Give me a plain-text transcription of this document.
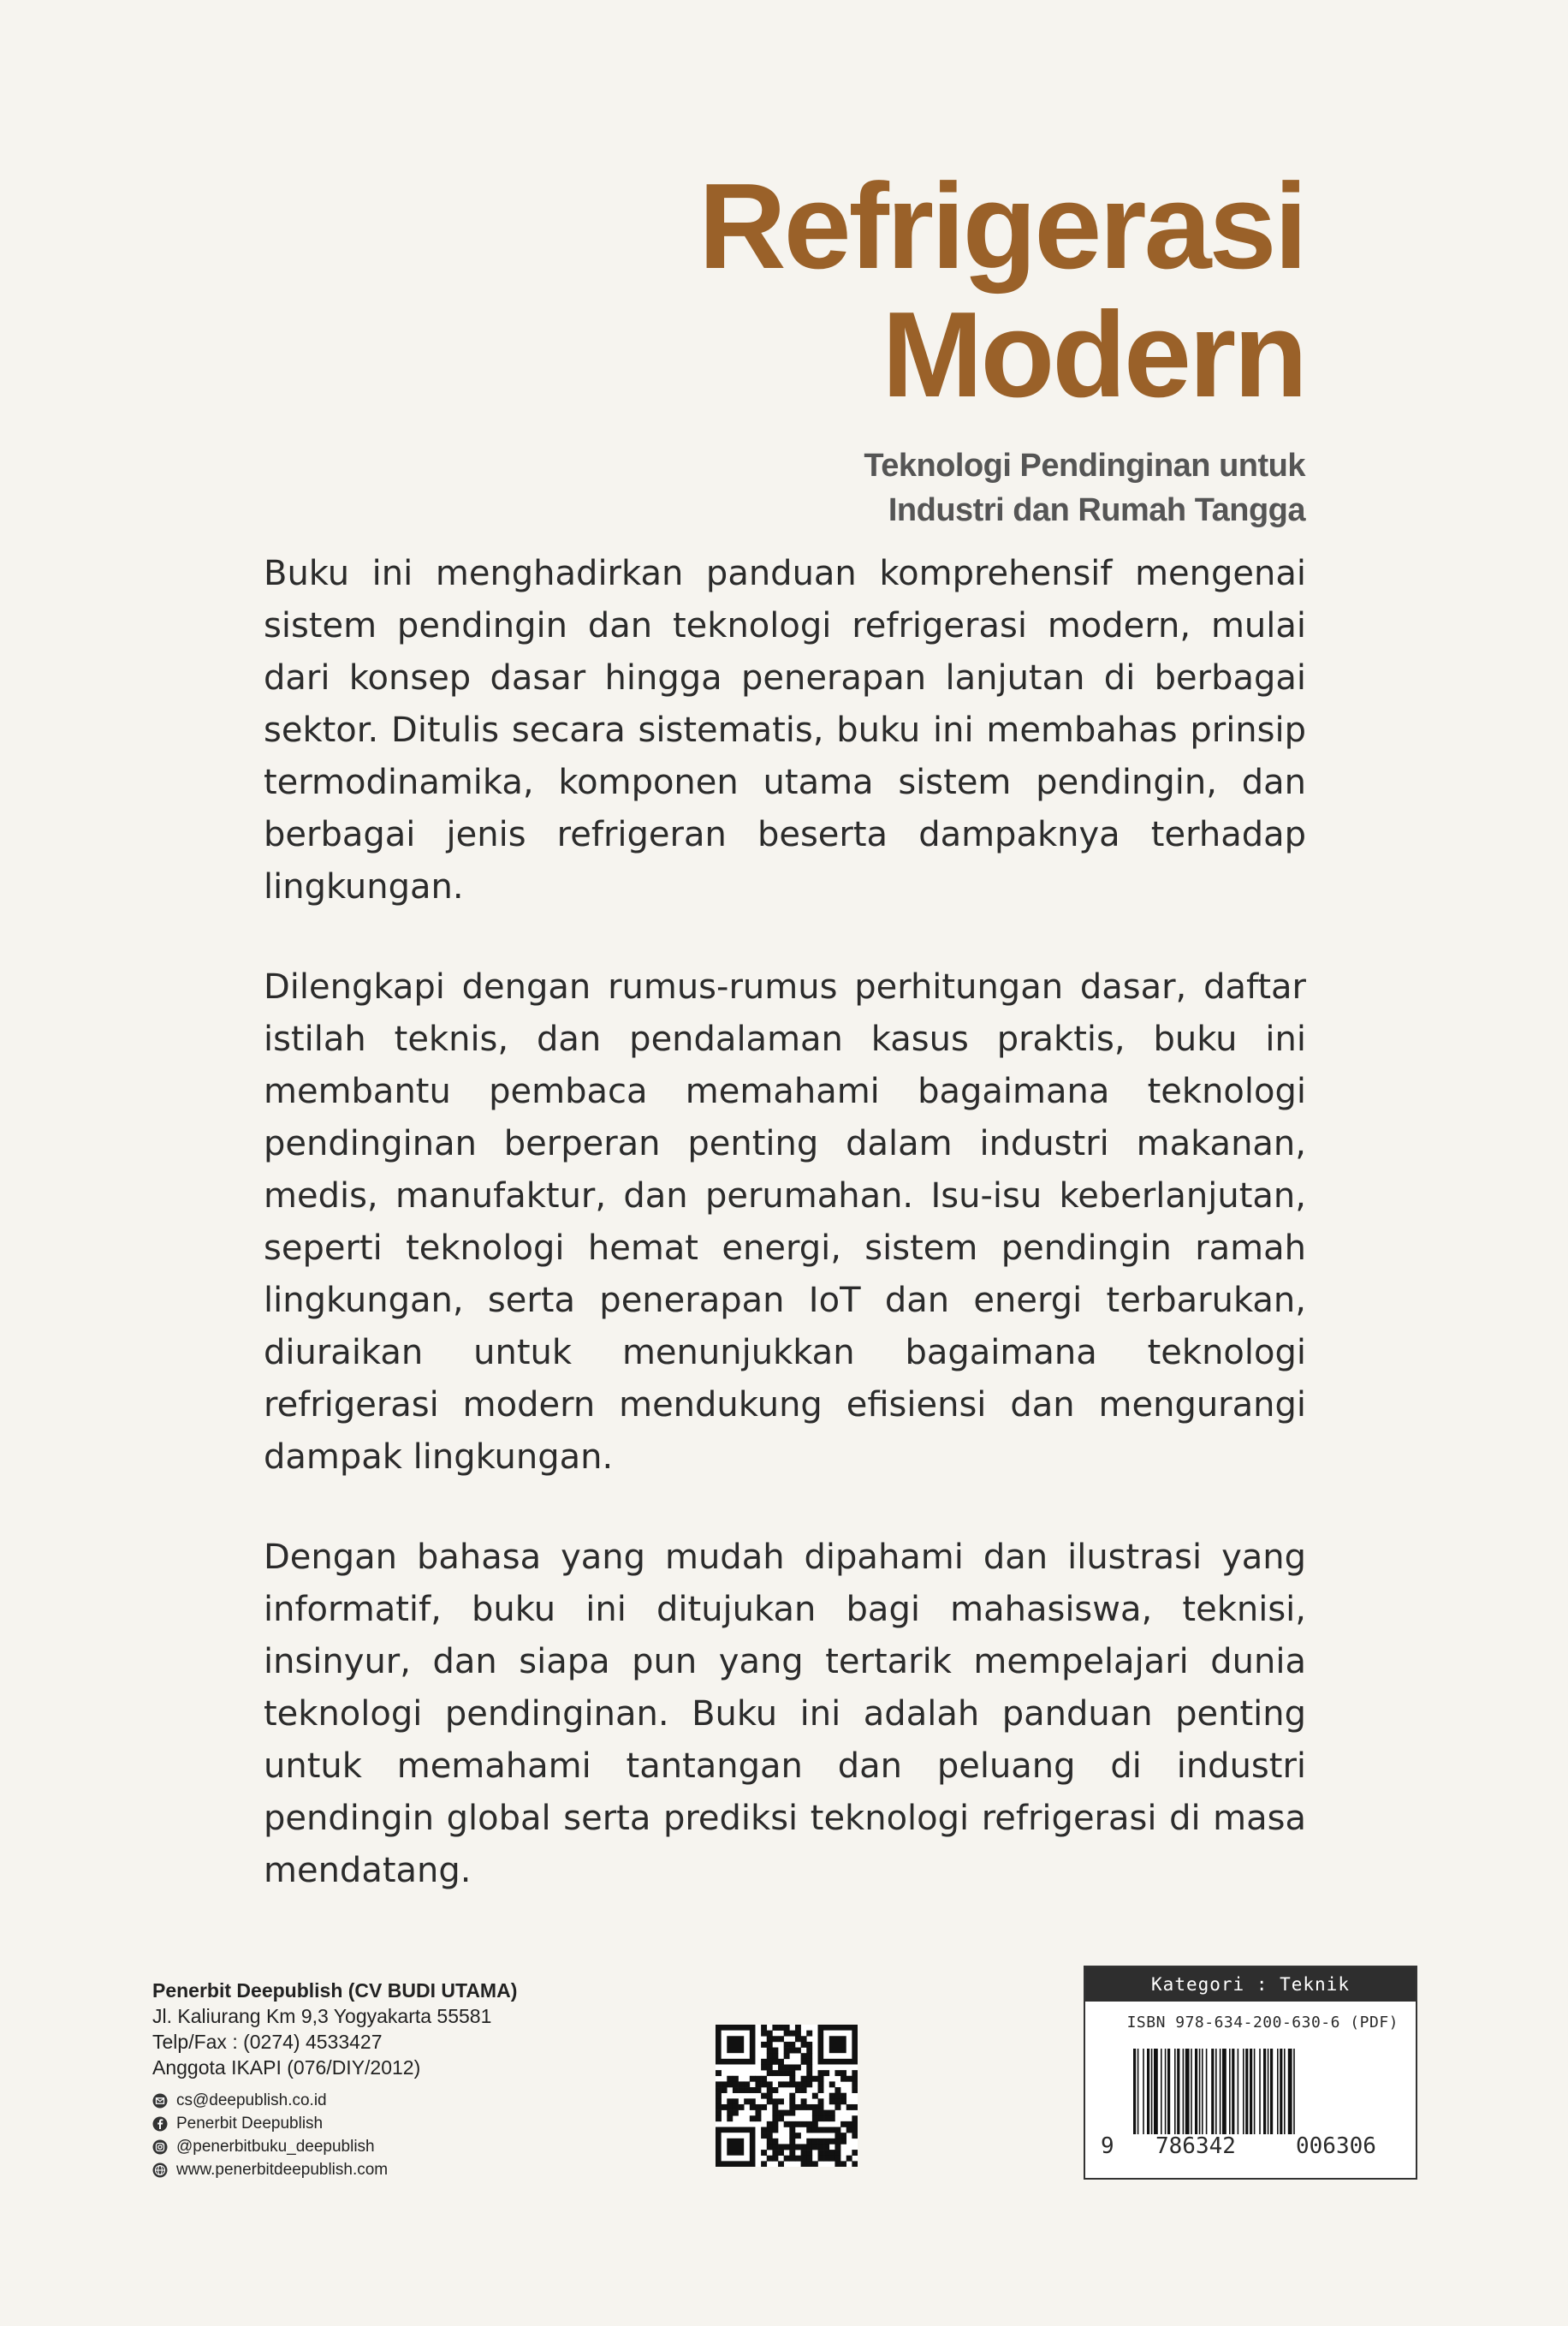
Refrigerasi
Modern
Teknologi Pendinginan untuk
Industri dan Rumah Tangga

Buku ini menghadirkan panduan komprehensif mengenai sistem pendingin dan teknologi refrigerasi modern, mulai dari konsep dasar hingga penerapan lanjutan di berbagai sektor. Ditulis secara sistematis, buku ini membahas prinsip termodinamika, komponen utama sistem pendingin, dan berbagai jenis refrigeran beserta dampaknya terhadap lingkungan.

Dilengkapi dengan rumus-rumus perhitungan dasar, daftar istilah teknis, dan pendalaman kasus praktis, buku ini membantu pembaca memahami bagaimana teknologi pendinginan berperan penting dalam industri makanan, medis, manufaktur, dan perumahan. Isu-isu keberlanjutan, seperti teknologi hemat energi, sistem pendingin ramah lingkungan, serta penerapan IoT dan energi terbarukan, diuraikan untuk menunjukkan bagaimana teknologi refrigerasi modern mendukung efisiensi dan mengurangi dampak lingkungan.

Dengan bahasa yang mudah dipahami dan ilustrasi yang informatif, buku ini ditujukan bagi mahasiswa, teknisi, insinyur, dan siapa pun yang tertarik mempelajari dunia teknologi pendinginan. Buku ini adalah panduan penting untuk memahami tantangan dan peluang di industri pendingin global serta prediksi teknologi refrigerasi di masa mendatang.

Penerbit Deepublish (CV BUDI UTAMA)
Jl. Kaliurang Km 9,3 Yogyakarta 55581
Telp/Fax : (0274) 4533427
Anggota IKAPI (076/DIY/2012)
cs@deepublish.co.id
Penerbit Deepublish
@penerbitbuku_deepublish
www.penerbitdeepublish.com
Kategori : Teknik
ISBN 978-634-200-630-6 (PDF)
9 786342	006306
